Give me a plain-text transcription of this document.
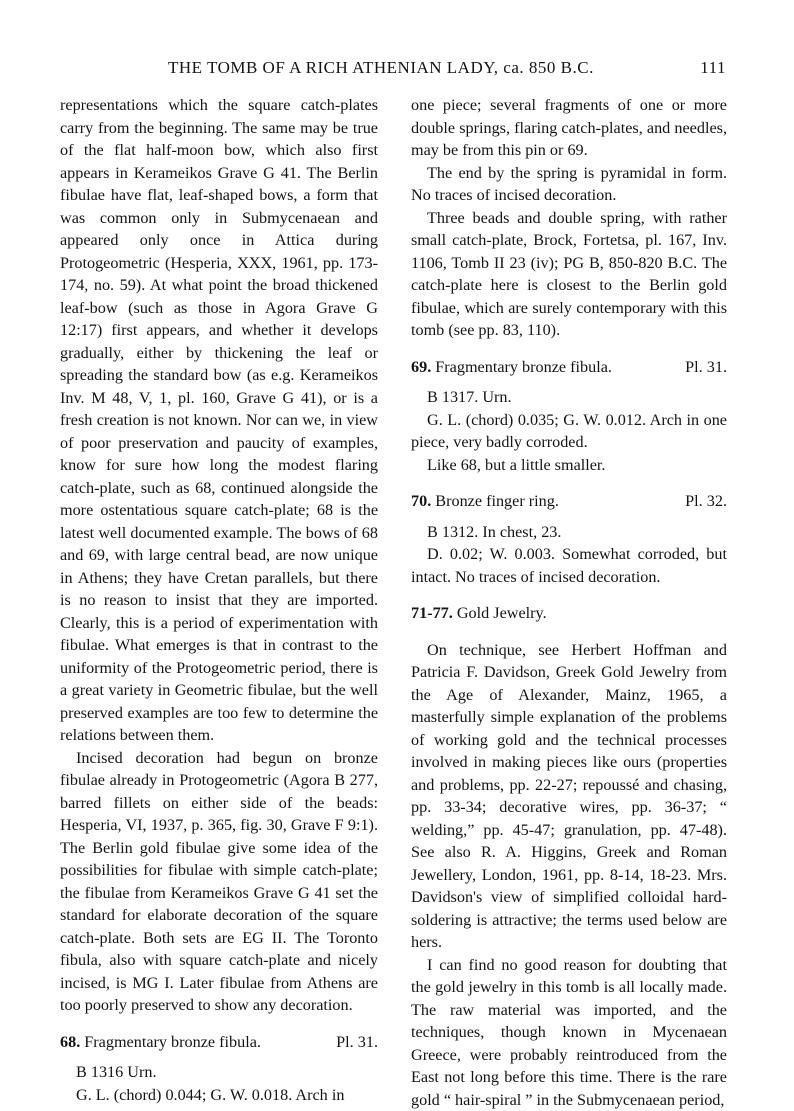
THE TOMB OF A RICH ATHENIAN LADY, ca. 850 B.C.	111

representations which the square catch-plates carry from the beginning. The same may be true of the flat half-moon bow, which also first appears in Kerameikos Grave G 41. The Berlin fibulae have flat, leaf-shaped bows, a form that was common only in Submycenaean and appeared only once in Attica during Protogeometric (Hesperia, XXX, 1961, pp. 173-174, no. 59). At what point the broad thickened leaf-bow (such as those in Agora Grave G 12:17) first appears, and whether it develops gradually, either by thickening the leaf or spreading the standard bow (as e.g. Kerameikos Inv. M 48, V, 1, pl. 160, Grave G 41), or is a fresh creation is not known. Nor can we, in view of poor preservation and paucity of examples, know for sure how long the modest flaring catch-plate, such as 68, continued alongside the more ostentatious square catch-plate; 68 is the latest well documented example. The bows of 68 and 69, with large central bead, are now unique in Athens; they have Cretan parallels, but there is no reason to insist that they are imported. Clearly, this is a period of experimentation with fibulae. What emerges is that in contrast to the uniformity of the Protogeometric period, there is a great variety in Geometric fibulae, but the well preserved examples are too few to determine the relations between them.

Incised decoration had begun on bronze fibulae already in Protogeometric (Agora B 277, barred fillets on either side of the beads: Hesperia, VI, 1937, p. 365, fig. 30, Grave F 9:1). The Berlin gold fibulae give some idea of the possibilities for fibulae with simple catch-plate; the fibulae from Kerameikos Grave G 41 set the standard for elaborate decoration of the square catch-plate. Both sets are EG II. The Toronto fibula, also with square catch-plate and nicely incised, is MG I. Later fibulae from Athens are too poorly preserved to show any decoration.

68. Fragmentary bronze fibula.	Pl. 31.

B 1316 Urn.

G. L. (chord) 0.044; G. W. 0.018. Arch in

one piece; several fragments of one or more double springs, flaring catch-plates, and needles, may be from this pin or 69.

The end by the spring is pyramidal in form. No traces of incised decoration.

Three beads and double spring, with rather small catch-plate, Brock, Fortetsa, pl. 167, Inv. 1106, Tomb II 23 (iv); PG B, 850-820 B.C. The catch-plate here is closest to the Berlin gold fibulae, which are surely contemporary with this tomb (see pp. 83, 110).

69. Fragmentary bronze fibula.	Pl. 31.

B 1317. Urn.

G. L. (chord) 0.035; G. W. 0.012. Arch in one piece, very badly corroded.

Like 68, but a little smaller.

70. Bronze finger ring.	Pl. 32.

B 1312. In chest, 23.

D. 0.02; W. 0.003. Somewhat corroded, but intact. No traces of incised decoration.

71-77. Gold Jewelry.

On technique, see Herbert Hoffman and Patricia F. Davidson, Greek Gold Jewelry from the Age of Alexander, Mainz, 1965, a masterfully simple explanation of the problems of working gold and the technical processes involved in making pieces like ours (properties and problems, pp. 22-27; repoussé and chasing, pp. 33-34; decorative wires, pp. 36-37; “ welding,” pp. 45-47; granulation, pp. 47-48). See also R. A. Higgins, Greek and Roman Jewellery, London, 1961, pp. 8-14, 18-23. Mrs. Davidson's view of simplified colloidal hard-soldering is attractive; the terms used below are hers.

I can find no good reason for doubting that the gold jewelry in this tomb is all locally made. The raw material was imported, and the techniques, though known in Mycenaean Greece, were probably reintroduced from the East not long before this time. There is the rare gold “ hair-spiral ” in the Submycenaean period,
